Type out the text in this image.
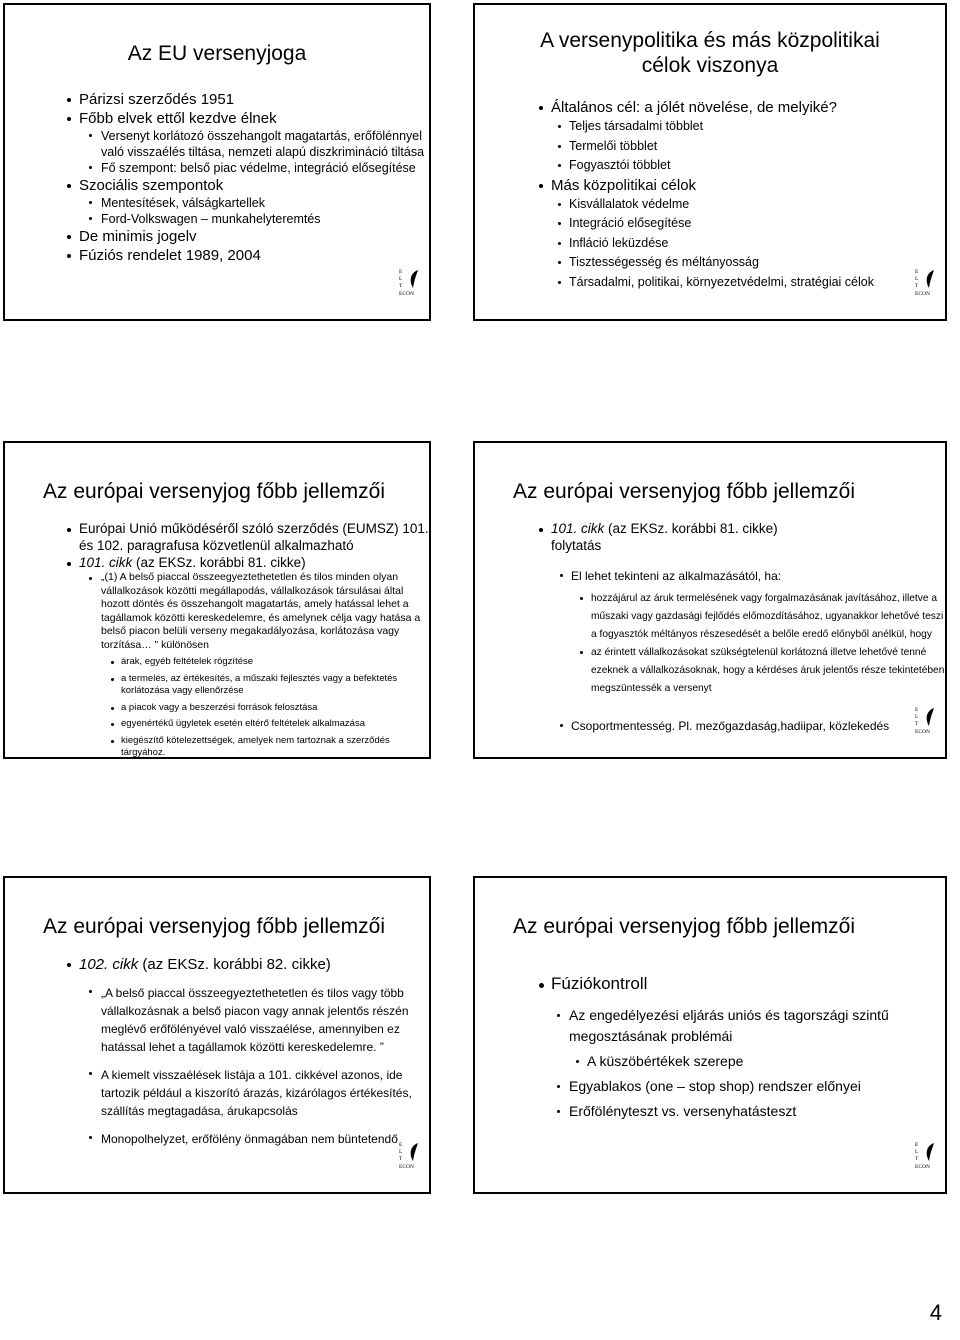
Az EU versenyjoga
Párizsi szerződés 1951
Főbb elvek ettől kezdve élnek
Versenyt korlátozó összehangolt magatartás, erőfölénnyel való visszaélés tiltása, nemzeti alapú diszkrimináció tiltása
Fő szempont: belső piac védelme, integráció elősegítése
Szociális szempontok
Mentesítések, válságkartellek
Ford-Volkswagen – munkahelyteremtés
De minimis jogelv
Fúziós rendelet 1989, 2004
E
L
T
ECON
A versenypolitika és más közpolitikai
célok viszonya
Általános cél: a jólét növelése, de melyiké?
Teljes társadalmi többlet
Termelői többlet
Fogyasztói többlet
Más közpolitikai célok
Kisvállalatok védelme
Integráció elősegítése
Infláció leküzdése
Tisztességesség és méltányosság
Társadalmi, politikai, környezetvédelmi, stratégiai célok
E
L
T
ECON
Az európai versenyjog főbb jellemzői
Európai Unió működéséről szóló szerződés (EUMSZ) 101. és 102. paragrafusa közvetlenül alkalmazható
101. cikk (az EKSz. korábbi 81. cikke)
„(1) A belső piaccal összeegyeztethetetlen és tilos minden olyan vállalkozások közötti megállapodás, vállalkozások társulásai által hozott döntés és összehangolt magatartás, amely hatással lehet a tagállamok közötti kereskedelemre, és amelynek célja vagy hatása a belső piacon belüli verseny megakadályozása, korlátozása vagy torzítása… ” különösen
árak, egyéb feltételek rögzítése
a termelés, az értékesítés, a műszaki fejlesztés vagy a befektetés korlátozása vagy ellenőrzése
a piacok vagy a beszerzési források felosztása
egyenértékű ügyletek esetén eltérő feltételek alkalmazása
kiegészítő kötelezettségek, amelyek nem tartoznak a szerződés tárgyához.
Az európai versenyjog főbb jellemzői
101. cikk (az EKSz. korábbi 81. cikke)
folytatás
El lehet tekinteni az alkalmazásától, ha:
hozzájárul az áruk termelésének vagy forgalmazásának javításához, illetve a műszaki vagy gazdasági fejlődés előmozdításához, ugyanakkor lehetővé teszi a fogyasztók méltányos részesedését a belőle eredő előnyből anélkül, hogy
az érintett vállalkozásokat szükségtelenül korlátozná illetve lehetővé tenné ezeknek a vállalkozásoknak, hogy a kérdéses áruk jelentős része tekintetében megszüntessék a versenyt
Csoportmentesség. Pl. mezőgazdaság,hadiipar, közlekedés
E
L
T
ECON
Az európai versenyjog főbb jellemzői
102. cikk (az EKSz. korábbi 82. cikke)
„A belső piaccal összeegyeztethetetlen és tilos vagy több vállalkozásnak a belső piacon vagy annak jelentős részén meglévő erőfölényével való visszaélése, amennyiben ez hatással lehet a tagállamok közötti kereskedelemre. ”
A kiemelt visszaélések listája a 101. cikkével azonos, ide tartozik például a kiszorító árazás, kizárólagos értékesítés, szállítás megtagadása, árukapcsolás
Monopolhelyzet, erőfölény önmagában nem büntetendő E
L
T
ECON
Az európai versenyjog főbb jellemzői
Fúziókontroll
Az engedélyezési eljárás uniós és tagországi szintű megosztásának problémái
A küszöbértékek szerepe
Egyablakos (one – stop shop) rendszer előnyei
Erőfölényteszt vs. versenyhatásteszt
E
L
T
ECON
4
